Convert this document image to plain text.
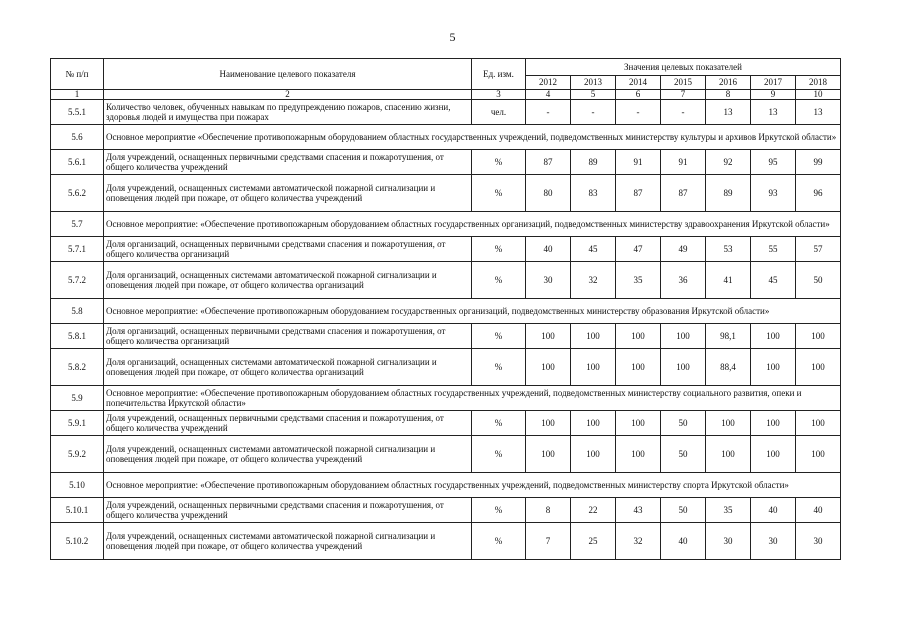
5
№ п/п	Наименование целевого показателя	Ед. изм.	Значения целевых показателей						
			2012	2013	2014	2015	2016	2017	2018
1	2	3	4	5	6	7	8	9	10
5.5.1	Количество человек, обученных навыкам по предупреждению пожаров, спасению жизни, здоровья людей и имущества при пожарах	чел.	-	-	-	-	13	13	13
5.6	Основное мероприятие «Обеспечение противопожарным оборудованием областных государственных учреждений, подведомственных министерству культуры и архивов Иркутской области»								
5.6.1	Доля учреждений, оснащенных первичными средствами спасения и пожаротушения, от общего количества учреждений	%	87	89	91	91	92	95	99
5.6.2	Доля учреждений, оснащенных системами автоматической пожарной сигнализации и оповещения людей при пожаре, от общего количества учреждений	%	80	83	87	87	89	93	96
5.7	Основное мероприятие: «Обеспечение противопожарным оборудованием областных государственных организаций, подведомственных министерству здравоохранения Иркутской области»								
5.7.1	Доля организаций, оснащенных первичными средствами спасения и пожаротушения, от общего количества организаций	%	40	45	47	49	53	55	57
5.7.2	Доля организаций, оснащенных системами автоматической пожарной сигнализации и оповещения людей при пожаре, от общего количества организаций	%	30	32	35	36	41	45	50
5.8	Основное мероприятие: «Обеспечение противопожарным оборудованием государственных организаций, подведомственных министерству образования Иркутской области»								
5.8.1	Доля организаций, оснащенных первичными средствами спасения и пожаротушения, от общего количества организаций	%	100	100	100	100	98,1	100	100
5.8.2	Доля организаций, оснащенных системами автоматической пожарной сигнализации и оповещения людей при пожаре, от общего количества организаций	%	100	100	100	100	88,4	100	100
5.9	Основное мероприятие: «Обеспечение противопожарным оборудованием областных государственных учреждений, подведомственных министерству социального развития, опеки и попечительства Иркутской области»								
5.9.1	Доля учреждений, оснащенных первичными средствами спасения и пожаротушения, от общего количества учреждений	%	100	100	100	50	100	100	100
5.9.2	Доля учреждений, оснащенных системами автоматической пожарной сигнализации и оповещения людей при пожаре, от общего количества учреждений	%	100	100	100	50	100	100	100
5.10	Основное мероприятие: «Обеспечение противопожарным оборудованием областных государственных учреждений, подведомственных министерству спорта Иркутской области»								
5.10.1	Доля учреждений, оснащенных первичными средствами спасения и пожаротушения, от общего количества учреждений	%	8	22	43	50	35	40	40
5.10.2	Доля учреждений, оснащенных системами автоматической пожарной сигнализации и оповещения людей при пожаре, от общего количества учреждений	%	7	25	32	40	30	30	30
